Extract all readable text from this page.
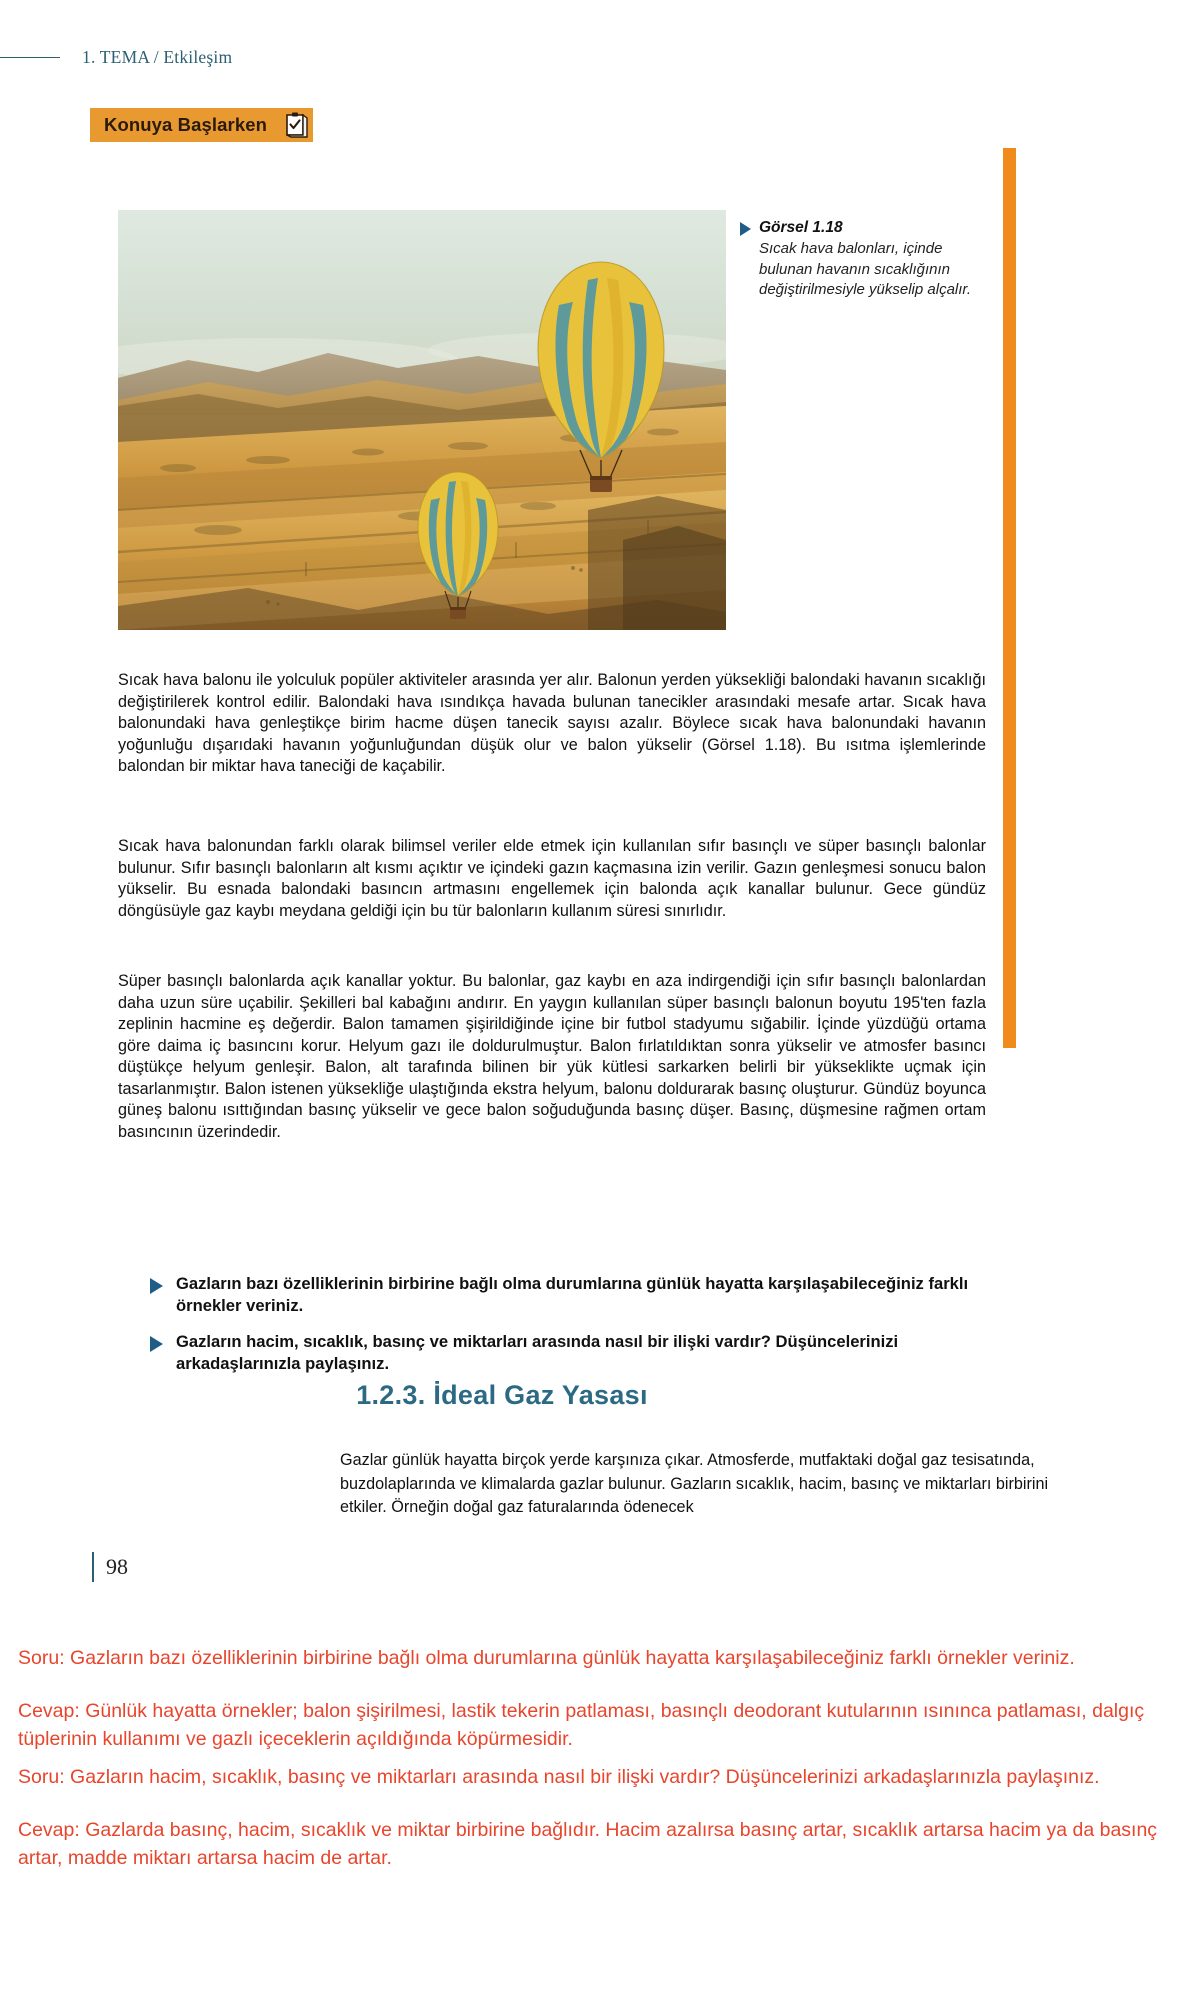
1. TEMA / Etkileşim
Konuya Başlarken
Görsel 1.18
Sıcak hava balonları, içinde bulunan havanın sıcaklığının değiştirilmesiyle yükselip alçalır.

Sıcak hava balonu ile yolculuk popüler aktiviteler arasında yer alır. Balonun yerden yüksekliği balondaki havanın sıcaklığı değiştirilerek kontrol edilir. Balondaki hava ısındıkça havada bulunan tanecikler arasındaki mesafe artar. Sıcak hava balonundaki hava genleştikçe birim hacme düşen tanecik sayısı azalır. Böylece sıcak hava balonundaki havanın yoğunluğu dışarıdaki havanın yoğunluğundan düşük olur ve balon yükselir (Görsel 1.18). Bu ısıtma işlemlerinde balondan bir miktar hava taneciği de kaçabilir.

Sıcak hava balonundan farklı olarak bilimsel veriler elde etmek için kullanılan sıfır basınçlı ve süper basınçlı balonlar bulunur. Sıfır basınçlı balonların alt kısmı açıktır ve içindeki gazın kaçmasına izin verilir. Gazın genleşmesi sonucu balon yükselir. Bu esnada balondaki basıncın artmasını engellemek için balonda açık kanallar bulunur. Gece gündüz döngüsüyle gaz kaybı meydana geldiği için bu tür balonların kullanım süresi sınırlıdır.

Süper basınçlı balonlarda açık kanallar yoktur. Bu balonlar, gaz kaybı en aza indirgendiği için sıfır basınçlı balonlardan daha uzun süre uçabilir. Şekilleri bal kabağını andırır. En yaygın kullanılan süper basınçlı balonun boyutu 195'ten fazla zeplinin hacmine eş değerdir. Balon tamamen şişirildiğinde içine bir futbol stadyumu sığabilir. İçinde yüzdüğü ortama göre daima iç basıncını korur. Helyum gazı ile doldurulmuştur. Balon fırlatıldıktan sonra yükselir ve atmosfer basıncı düştükçe helyum genleşir. Balon, alt tarafında bilinen bir yük kütlesi sarkarken belirli bir yükseklikte uçmak için tasarlanmıştır. Balon istenen yüksekliğe ulaştığında ekstra helyum, balonu doldurarak basınç oluşturur. Gündüz boyunca güneş balonu ısıttığından basınç yükselir ve gece balon soğuduğunda basınç düşer. Basınç, düşmesine rağmen ortam basıncının üzerindedir.

Gazların bazı özelliklerinin birbirine bağlı olma durumlarına günlük hayatta karşılaşabileceğiniz farklı örnekler veriniz.
Gazların hacim, sıcaklık, basınç ve miktarları arasında nasıl bir ilişki vardır? Düşüncelerinizi arkadaşlarınızla paylaşınız.
1.2.3. İdeal Gaz Yasası

Gazlar günlük hayatta birçok yerde karşınıza çıkar. Atmosferde, mutfaktaki doğal gaz tesisatında, buzdolaplarında ve klimalarda gazlar bulunur. Gazların sıcaklık, hacim, basınç ve miktarları birbirini etkiler. Örneğin doğal gaz faturalarında ödenecek

98

Soru: Gazların bazı özelliklerinin birbirine bağlı olma durumlarına günlük hayatta karşılaşabileceğiniz farklı örnekler veriniz.

Cevap: Günlük hayatta örnekler; balon şişirilmesi, lastik tekerin patlaması, basınçlı deodorant kutularının ısınınca patlaması, dalgıç tüplerinin kullanımı ve gazlı içeceklerin açıldığında köpürmesidir.

Soru: Gazların hacim, sıcaklık, basınç ve miktarları arasında nasıl bir ilişki vardır? Düşüncelerinizi arkadaşlarınızla paylaşınız.

Cevap: Gazlarda basınç, hacim, sıcaklık ve miktar birbirine bağlıdır. Hacim azalırsa basınç artar, sıcaklık artarsa hacim ya da basınç artar, madde miktarı artarsa hacim de artar.
